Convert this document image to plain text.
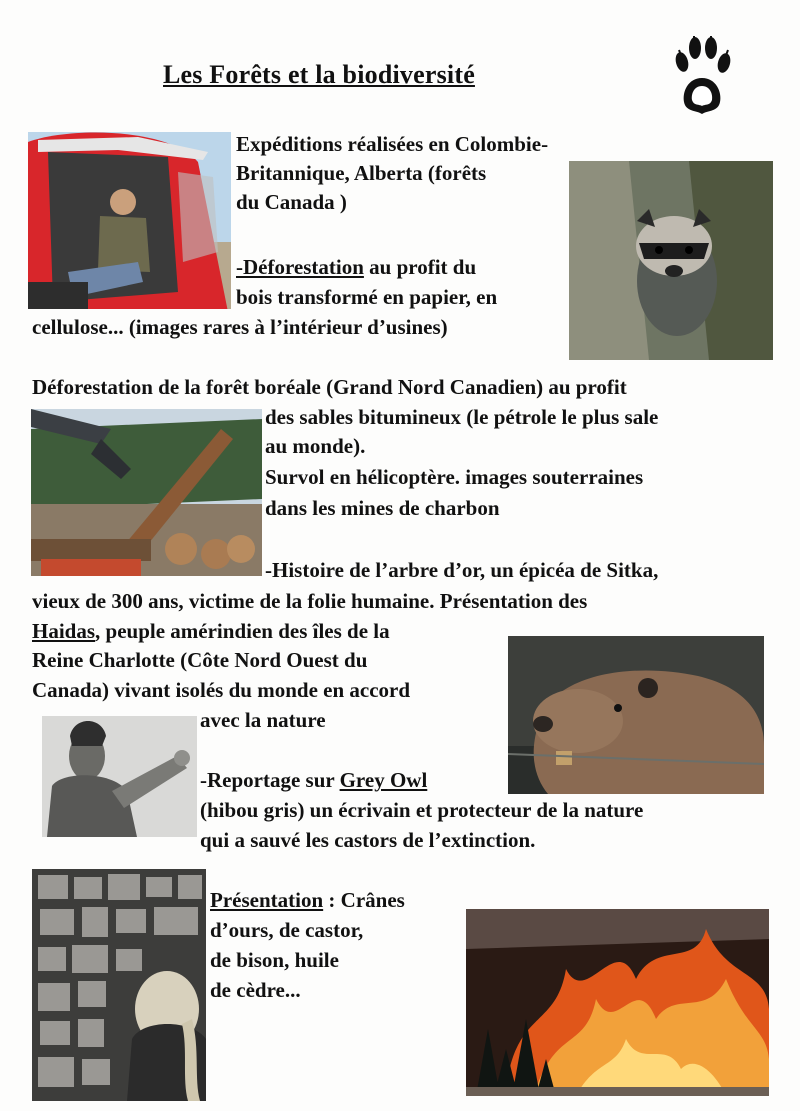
Les Forêts et la biodiversité
Expéditions réalisées en Colombie-
Britannique, Alberta (forêts
du Canada )
-Déforestation au profit du
bois transformé en papier, en
cellulose... (images rares à l’intérieur d’usines)
Déforestation de la forêt boréale (Grand Nord Canadien) au profit
des sables bitumineux (le pétrole le plus sale
au monde).
Survol en hélicoptère. images souterraines
dans les mines de charbon
-Histoire de l’arbre d’or, un épicéa de Sitka,
vieux de 300 ans, victime de la folie humaine. Présentation des
Haidas, peuple amérindien des îles de la
Reine Charlotte (Côte Nord Ouest du
Canada) vivant isolés du monde en accord
avec la nature
-Reportage sur Grey Owl
(hibou gris) un écrivain et protecteur de la nature
qui a sauvé les castors de l’extinction.
Présentation : Crânes
d’ours, de castor,
de bison, huile
de cèdre...
